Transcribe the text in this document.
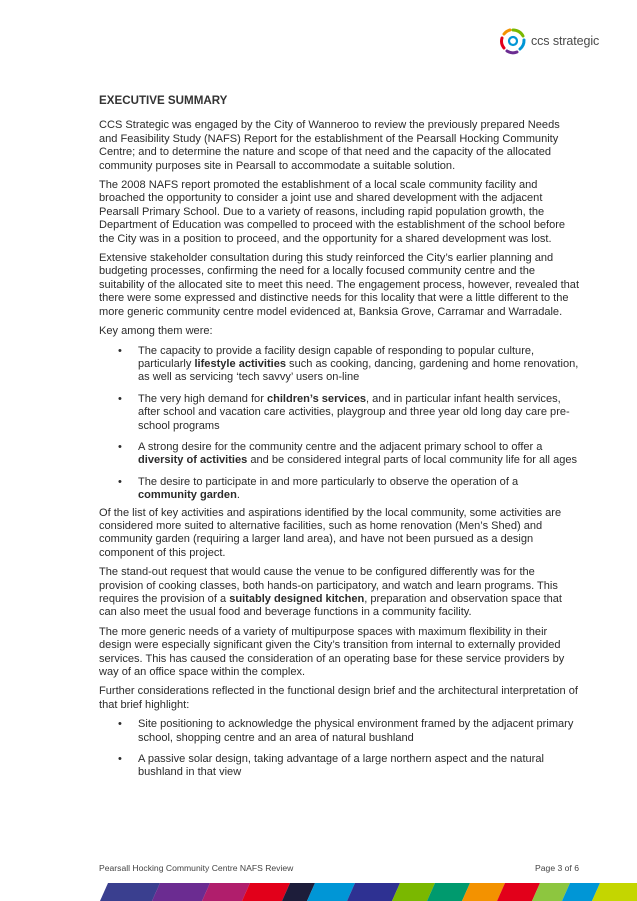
ccs strategic
EXECUTIVE SUMMARY

CCS Strategic was engaged by the City of Wanneroo to review the previously prepared Needs and Feasibility Study (NAFS) Report for the establishment of the Pearsall Hocking Community Centre; and to determine the nature and scope of that need and the capacity of the allocated community purposes site in Pearsall to accommodate a suitable solution.

The 2008 NAFS report promoted the establishment of a local scale community facility and broached the opportunity to consider a joint use and shared development with the adjacent Pearsall Primary School. Due to a variety of reasons, including rapid population growth, the Department of Education was compelled to proceed with the establishment of the school before the City was in a position to proceed, and the opportunity for a shared development was lost.

Extensive stakeholder consultation during this study reinforced the City’s earlier planning and budgeting processes, confirming the need for a locally focused community centre and the suitability of the allocated site to meet this need. The engagement process, however, revealed that there were some expressed and distinctive needs for this locality that were a little different to the more generic community centre model evidenced at, Banksia Grove, Carramar and Warradale.

Key among them were:

• The capacity to provide a facility design capable of responding to popular culture, particularly lifestyle activities such as cooking, dancing, gardening and home renovation, as well as servicing ‘tech savvy’ users on-line
• The very high demand for children’s services, and in particular infant health services, after school and vacation care activities, playgroup and three year old long day care pre-school programs
• A strong desire for the community centre and the adjacent primary school to offer a diversity of activities and be considered integral parts of local community life for all ages
• The desire to participate in and more particularly to observe the operation of a community garden.

Of the list of key activities and aspirations identified by the local community, some activities are considered more suited to alternative facilities, such as home renovation (Men’s Shed) and community garden (requiring a larger land area), and have not been pursued as a design component of this project.

The stand-out request that would cause the venue to be configured differently was for the provision of cooking classes, both hands-on participatory, and watch and learn programs. This requires the provision of a suitably designed kitchen, preparation and observation space that can also meet the usual food and beverage functions in a community facility.

The more generic needs of a variety of multipurpose spaces with maximum flexibility in their design were especially significant given the City’s transition from internal to externally provided services. This has caused the consideration of an operating base for these service providers by way of an office space within the complex.

Further considerations reflected in the functional design brief and the architectural interpretation of that brief highlight:

• Site positioning to acknowledge the physical environment framed by the adjacent primary school, shopping centre and an area of natural bushland
• A passive solar design, taking advantage of a large northern aspect and the natural bushland in that view
Pearsall Hocking Community Centre NAFS Review	Page 3 of 6
